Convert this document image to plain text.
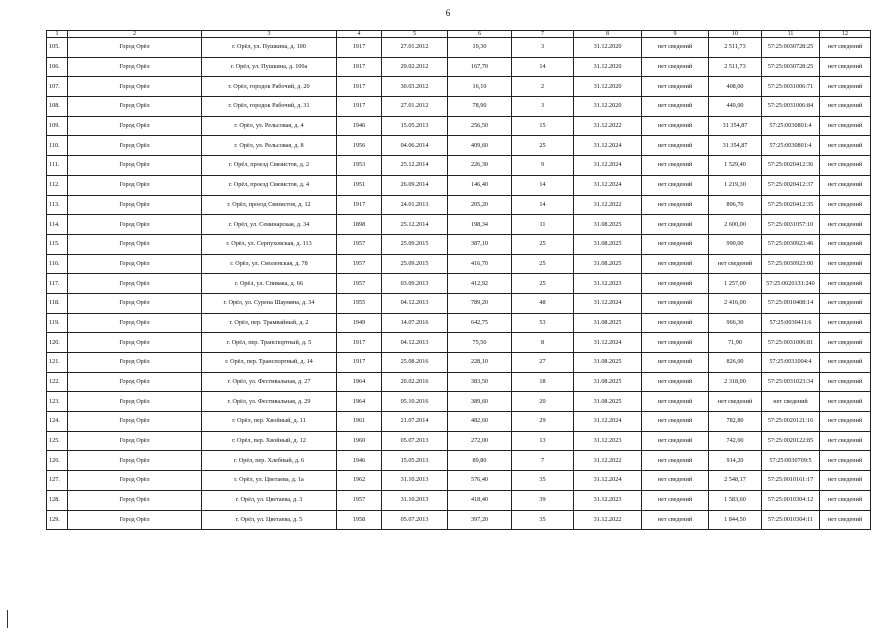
6
1	2	3	4	5	6	7	8	9	10	11	12
105.	Город Орёл	г. Орёл, ул. Пушкина, д. 100	1917	27.01.2012	19,30	3	31.12.2020	нет сведений	2 511,73	57:25:0030728:25	нет сведений
106.	Город Орёл	г. Орёл, ул. Пушкина, д. 100а	1917	29.02.2012	167,70	14	31.12.2020	нет сведений	2 511,73	57:25:0030728:25	нет сведений
107.	Город Орёл	г. Орёл, городок Рабочий, д. 20	1917	30.03.2012	16,10	2	31.12.2020	нет сведений	408,00	57:25:0031006:71	нет сведений
108.	Город Орёл	г. Орёл, городок Рабочий, д. 31	1917	27.01.2012	78,90	3	31.12.2020	нет сведений	449,00	57:25:0031006:84	нет сведений
109.	Город Орёл	г. Орёл, ул. Рельсовая, д. 4	1946	15.05.2013	256,50	15	31.12.2022	нет сведений	31 354,87	57:25:0030801:4	нет сведений
110.	Город Орёл	г. Орёл, ул. Рельсовая, д. 8	1956	04.06.2014	409,60	25	31.12.2024	нет сведений	31 354,87	57:25:0030801:4	нет сведений
111.	Город Орёл	г. Орёл, проезд Связистов, д. 2	1953	25.12.2014	226,30	9	31.12.2024	нет сведений	1 529,40	57:25:0020412:36	нет сведений
112.	Город Орёл	г. Орёл, проезд Связистов, д. 4	1951	26.09.2014	146,40	14	31.12.2024	нет сведений	1 219,30	57:25:0020412:37	нет сведений
113.	Город Орёл	г. Орёл, проезд Связистов, д. 12	1917	24.01.2013	205,20	14	31.12.2022	нет сведений	896,70	57:25:0020412:35	нет сведений
114.	Город Орёл	г. Орёл, ул. Семинарская, д. 34	1898	25.12.2014	198,34	11	31.08.2025	нет сведений	2 600,00	57:25:0031057:10	нет сведений
115.	Город Орёл	г. Орёл, ул. Серпуховская, д. 113	1957	25.09.2015	387,10	25	31.08.2025	нет сведений	990,00	57:25:0030923:46	нет сведений
116.	Город Орёл	г. Орёл, ул. Смоленская, д. 78	1957	25.09.2015	416,70	25	31.08.2025	нет сведений	нет сведений	57:25:0030923:00	нет сведений
117.	Город Орёл	г. Орёл, ул. Спивака, д. 66	1957	03.09.2013	412,92	25	31.12.2023	нет сведений	1 257,00	57:25:00201З1:240	нет сведений
118.	Город Орёл	г. Орёл, ул. Сурена Шаумяна, д. 34	1955	04.12.2013	789,20	48	31.12.2024	нет сведений	2 416,00	57:25:0010408:14	нет сведений
119.	Город Орёл	г. Орёл, пер. Трамвайный, д. 2	1949	14.07.2016	642,75	53	31.08.2025	нет сведений	966,30	57:25:0030411:6	нет сведений
120.	Город Орёл	г. Орёл, пер. Транспортный, д. 5	1917	04.12.2013	75,50	8	31.12.2024	нет сведений	71,90	57:25:0031006:81	нет сведений
121.	Город Орёл	г. Орёл, пер. Транспортный, д. 14	1917	25.08.2016	228,10	27	31.08.2025	нет сведений	826,00	57:25:0031004:4	нет сведений
122.	Город Орёл	г. Орёл, ул. Фестивальная, д. 27	1964	20.02.2016	383,50	18	31.08.2025	нет сведений	2 318,00	57:25:0031023:34	нет сведений
123.	Город Орёл	г. Орёл, ул. Фестивальная, д. 29	1964	05.10.2016	389,60	20	31.08.2025	нет сведений	нет сведений	нет сведений	нет сведений
124.	Город Орёл	г. Орёл, пер. Хвойный, д. 11	1961	21.07.2014	482,60	29	31.12.2024	нет сведений	782,80	57:25:0020121:16	нет сведений
125.	Город Орёл	г. Орёл, пер. Хвойный, д. 12	1960	05.07.2013	272,00	13	31.12.2023	нет сведений	742,00	57:25:0020122:85	нет сведений
126.	Город Орёл	г. Орёл, пер. Хлебный, д. 6	1946	15.05.2013	89,80	7	31.12.2022	нет сведений	914,20	57:25:0030709:5	нет сведений
127.	Город Орёл	г. Орёл, ул. Цветаева, д. 1а	1962	31.10.2013	576,40	35	31.12.2024	нет сведений	2 548,17	57:25:0010161:17	нет сведений
128.	Город Орёл	г. Орёл, ул. Цветаева, д. 3	1957	31.10.2013	418,40	39	31.12.2023	нет сведений	1 583,60	57:25:0010304:12	нет сведений
129.	Город Орёл	г. Орёл, ул. Цветаева, д. 5	1958	05.07.2013	397,20	35	31.12.2022	нет сведений	1 844,50	57:25:0010304:11	нет сведений
